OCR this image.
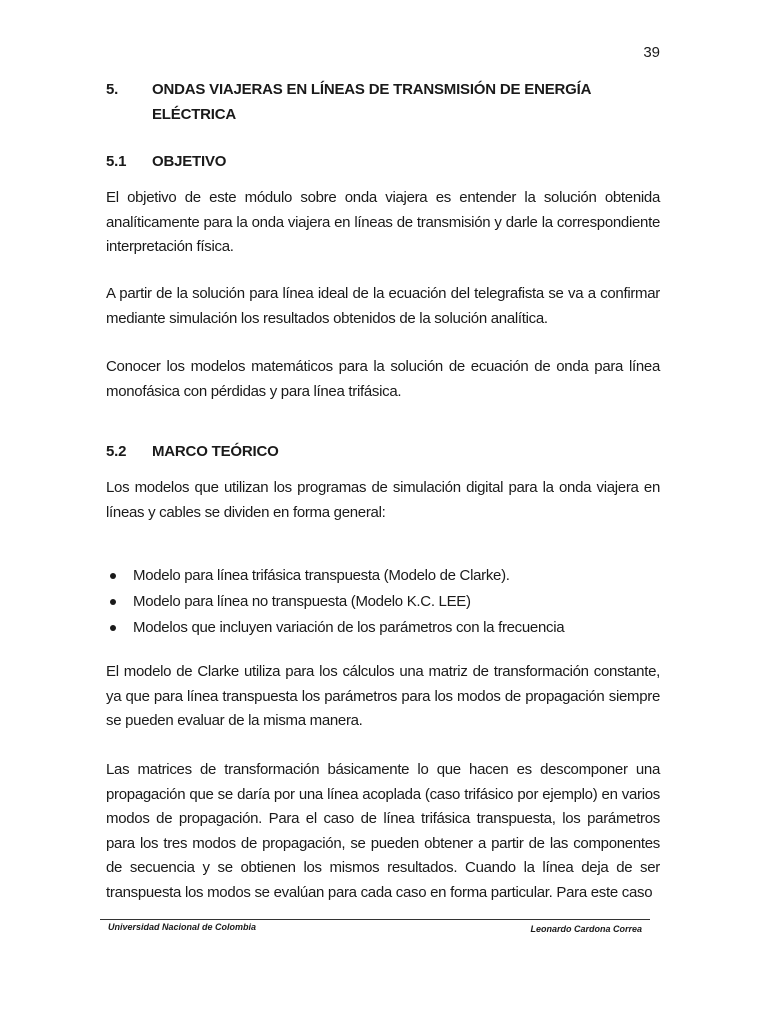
39
5. ONDAS VIAJERAS EN LÍNEAS DE TRANSMISIÓN DE ENERGÍA ELÉCTRICA
5.1 OBJETIVO

El objetivo de este módulo sobre onda viajera es entender la solución obtenida analíticamente para la onda viajera en líneas de transmisión y darle la correspondiente interpretación física.

A partir de la solución para línea ideal de la ecuación del telegrafista se va a confirmar mediante simulación los resultados obtenidos de la solución analítica.

Conocer los modelos matemáticos para la solución de ecuación de onda para línea monofásica con pérdidas y para línea trifásica.

5.2 MARCO TEÓRICO

Los modelos que utilizan los programas de simulación digital para la onda viajera en líneas y cables se dividen en forma general:

Modelo para línea trifásica transpuesta (Modelo de Clarke).
Modelo para línea no transpuesta (Modelo K.C. LEE)
Modelos que incluyen variación de los parámetros con la frecuencia

El modelo de Clarke utiliza para los cálculos una matriz de transformación constante, ya que para línea transpuesta los parámetros para los modos de propagación siempre se pueden evaluar de la misma manera.

Las matrices de transformación básicamente lo que hacen es descomponer una propagación que se daría por una línea acoplada (caso trifásico por ejemplo) en varios modos de propagación. Para el caso de línea trifásica transpuesta, los parámetros para los tres modos de propagación, se pueden obtener a partir de las componentes de secuencia y se obtienen los mismos resultados. Cuando la línea deja de ser transpuesta los modos se evalúan para cada caso en forma particular. Para este caso

Universidad Nacional de Colombia	Leonardo Cardona Correa
